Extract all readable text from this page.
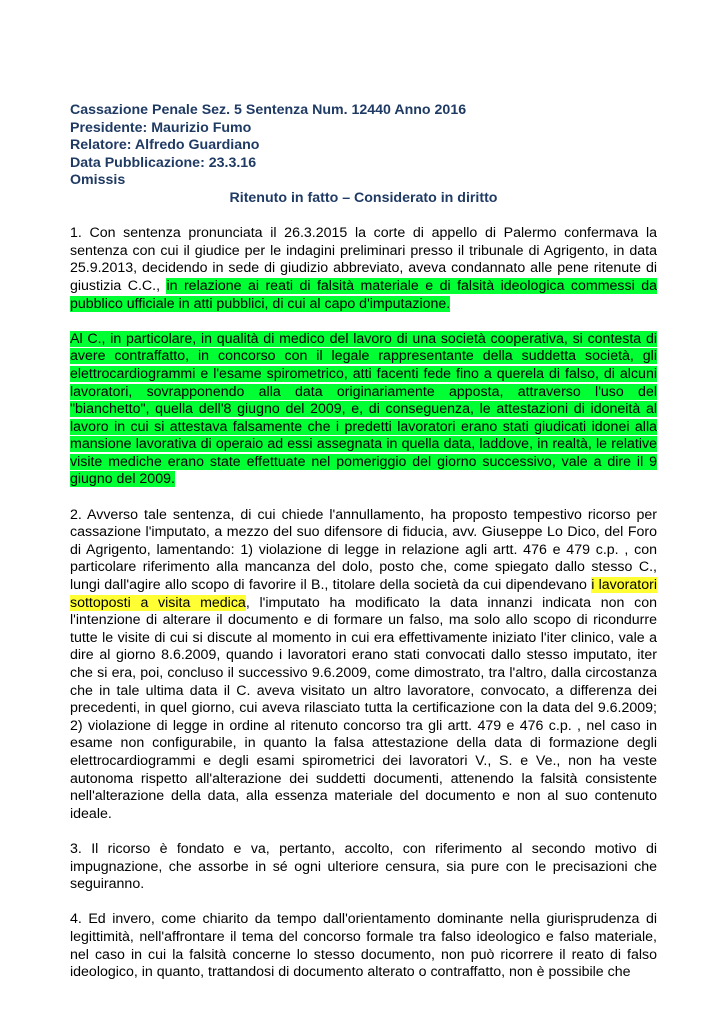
Cassazione Penale Sez. 5 Sentenza Num. 12440 Anno 2016
Presidente: Maurizio Fumo
Relatore: Alfredo Guardiano
Data Pubblicazione: 23.3.16
Omissis
Ritenuto in fatto – Considerato in diritto

1. Con sentenza pronunciata il 26.3.2015 la corte di appello di Palermo confermava la sentenza con cui il giudice per le indagini preliminari presso il tribunale di Agrigento, in data 25.9.2013, decidendo in sede di giudizio abbreviato, aveva condannato alle pene ritenute di giustizia C.C., in relazione ai reati di falsità materiale e di falsità ideologica commessi da pubblico ufficiale in atti pubblici, di cui al capo d'imputazione.

Al C., in particolare, in qualità di medico del lavoro di una società cooperativa, si contesta di avere contraffatto, in concorso con il legale rappresentante della suddetta società, gli elettrocardiogrammi e l'esame spirometrico, atti facenti fede fino a querela di falso, di alcuni lavoratori, sovrapponendo alla data originariamente apposta, attraverso l'uso del "bianchetto", quella dell'8 giugno del 2009, e, di conseguenza, le attestazioni di idoneità al lavoro in cui si attestava falsamente che i predetti lavoratori erano stati giudicati idonei alla mansione lavorativa di operaio ad essi assegnata in quella data, laddove, in realtà, le relative visite mediche erano state effettuate nel pomeriggio del giorno successivo, vale a dire il 9 giugno del 2009.

2. Avverso tale sentenza, di cui chiede l'annullamento, ha proposto tempestivo ricorso per cassazione l'imputato, a mezzo del suo difensore di fiducia, avv. Giuseppe Lo Dico, del Foro di Agrigento, lamentando: 1) violazione di legge in relazione agli artt. 476 e 479 c.p. , con particolare riferimento alla mancanza del dolo, posto che, come spiegato dallo stesso C., lungi dall'agire allo scopo di favorire il B., titolare della società da cui dipendevano i lavoratori sottoposti a visita medica, l'imputato ha modificato la data innanzi indicata non con l'intenzione di alterare il documento e di formare un falso, ma solo allo scopo di ricondurre tutte le visite di cui si discute al momento in cui era effettivamente iniziato l'iter clinico, vale a dire al giorno 8.6.2009, quando i lavoratori erano stati convocati dallo stesso imputato, iter che si era, poi, concluso il successivo 9.6.2009, come dimostrato, tra l'altro, dalla circostanza che in tale ultima data il C. aveva visitato un altro lavoratore, convocato, a differenza dei precedenti, in quel giorno, cui aveva rilasciato tutta la certificazione con la data del 9.6.2009; 2) violazione di legge in ordine al ritenuto concorso tra gli artt. 479 e 476 c.p. , nel caso in esame non configurabile, in quanto la falsa attestazione della data di formazione degli elettrocardiogrammi e degli esami spirometrici dei lavoratori V., S. e Ve., non ha veste autonoma rispetto all'alterazione dei suddetti documenti, attenendo la falsità consistente nell'alterazione della data, alla essenza materiale del documento e non al suo contenuto ideale.

3. Il ricorso è fondato e va, pertanto, accolto, con riferimento al secondo motivo di impugnazione, che assorbe in sé ogni ulteriore censura, sia pure con le precisazioni che seguiranno.

4. Ed invero, come chiarito da tempo dall'orientamento dominante nella giurisprudenza di legittimità, nell'affrontare il tema del concorso formale tra falso ideologico e falso materiale, nel caso in cui la falsità concerne lo stesso documento, non può ricorrere il reato di falso ideologico, in quanto, trattandosi di documento alterato o contraffatto, non è possibile che
